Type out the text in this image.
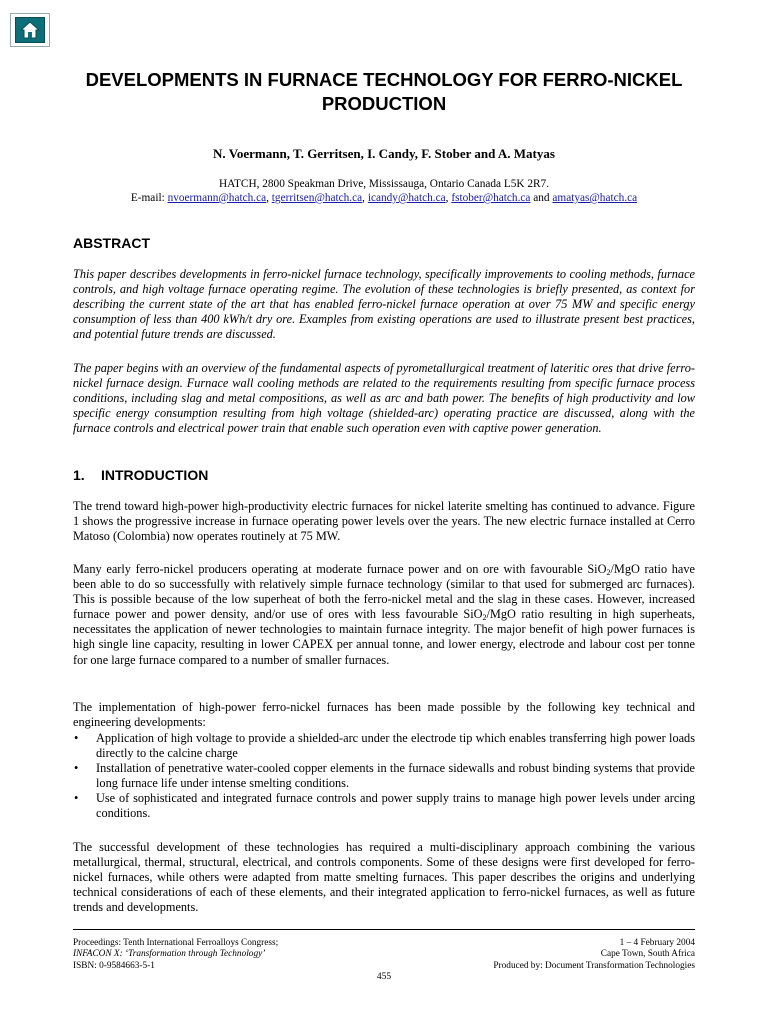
DEVELOPMENTS IN FURNACE TECHNOLOGY FOR FERRO-NICKEL PRODUCTION
N. Voermann, T. Gerritsen, I. Candy, F. Stober and A. Matyas
HATCH, 2800 Speakman Drive, Mississauga, Ontario Canada L5K 2R7.
E-mail: nvoermann@hatch.ca, tgerritsen@hatch.ca, icandy@hatch.ca, fstober@hatch.ca and amatyas@hatch.ca
ABSTRACT
This paper describes developments in ferro-nickel furnace technology, specifically improvements to cooling methods, furnace controls, and high voltage furnace operating regime. The evolution of these technologies is briefly presented, as context for describing the current state of the art that has enabled ferro-nickel furnace operation at over 75 MW and specific energy consumption of less than 400 kWh/t dry ore. Examples from existing operations are used to illustrate present best practices, and potential future trends are discussed.
The paper begins with an overview of the fundamental aspects of pyrometallurgical treatment of lateritic ores that drive ferro-nickel furnace design. Furnace wall cooling methods are related to the requirements resulting from specific furnace process conditions, including slag and metal compositions, as well as arc and bath power. The benefits of high productivity and low specific energy consumption resulting from high voltage (shielded-arc) operating practice are discussed, along with the furnace controls and electrical power train that enable such operation even with captive power generation.
1. INTRODUCTION
The trend toward high-power high-productivity electric furnaces for nickel laterite smelting has continued to advance. Figure 1 shows the progressive increase in furnace operating power levels over the years. The new electric furnace installed at Cerro Matoso (Colombia) now operates routinely at 75 MW.
Many early ferro-nickel producers operating at moderate furnace power and on ore with favourable SiO$_2$/MgO ratio have been able to do so successfully with relatively simple furnace technology (similar to that used for submerged arc furnaces). This is possible because of the low superheat of both the ferro-nickel metal and the slag in these cases. However, increased furnace power and power density, and/or use of ores with less favourable SiO$_2$/MgO ratio resulting in high superheats, necessitates the application of newer technologies to maintain furnace integrity. The major benefit of high power furnaces is high single line capacity, resulting in lower CAPEX per annual tonne, and lower energy, electrode and labour cost per tonne for one large furnace compared to a number of smaller furnaces.
The implementation of high-power ferro-nickel furnaces has been made possible by the following key technical and engineering developments:
• Application of high voltage to provide a shielded-arc under the electrode tip which enables transferring high power loads directly to the calcine charge
• Installation of penetrative water-cooled copper elements in the furnace sidewalls and robust binding systems that provide long furnace life under intense smelting conditions.
• Use of sophisticated and integrated furnace controls and power supply trains to manage high power levels under arcing conditions.
The successful development of these technologies has required a multi-disciplinary approach combining the various metallurgical, thermal, structural, electrical, and controls components. Some of these designs were first developed for ferro-nickel furnaces, while others were adapted from matte smelting furnaces. This paper describes the origins and underlying technical considerations of each of these elements, and their integrated application to ferro-nickel furnaces, as well as future trends and developments.
Proceedings: Tenth International Ferroalloys Congress;
INFACON X: ‘Transformation through Technology’
ISBN: 0-9584663-5-1
1 – 4 February 2004
Cape Town, South Africa
Produced by: Document Transformation Technologies
455
